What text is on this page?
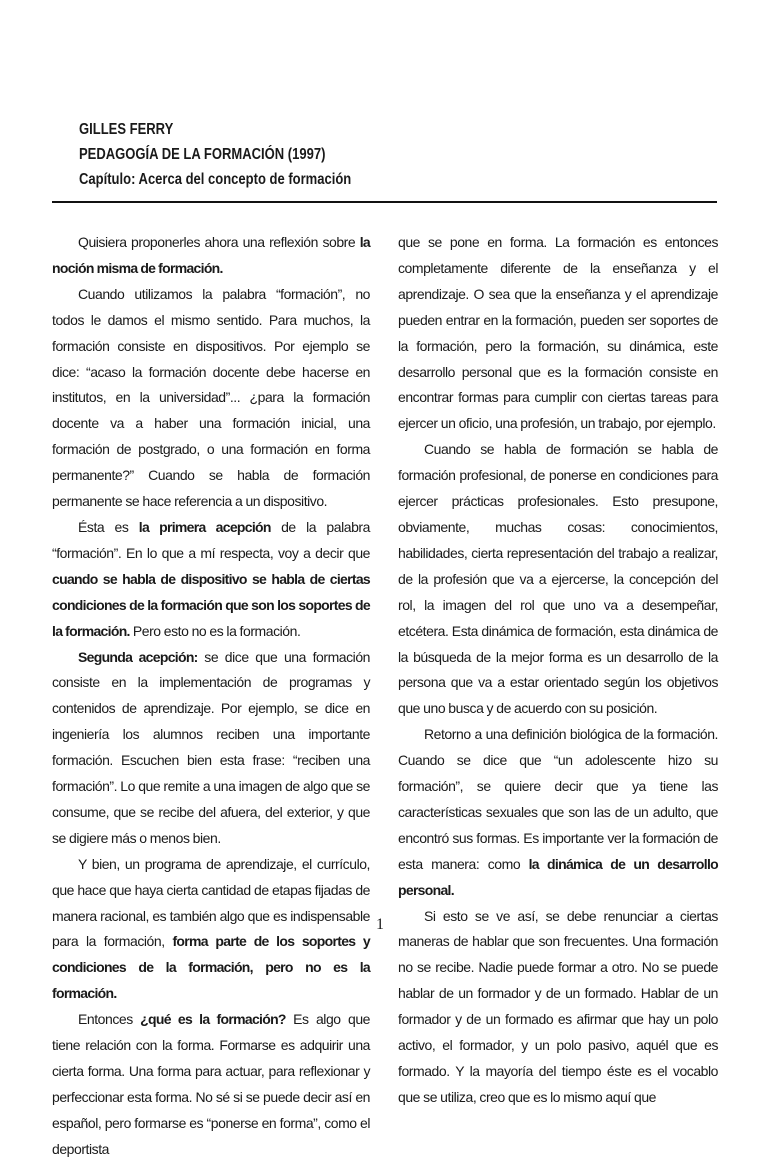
GILLES FERRY
PEDAGOGÍA DE LA FORMACIÓN (1997)
Capítulo: Acerca del concepto de formación

Quisiera proponerles ahora una reflexión sobre la noción misma de formación.

Cuando utilizamos la palabra “formación”, no todos le damos el mismo sentido. Para muchos, la formación consiste en dispositivos. Por ejemplo se dice: “acaso la formación docente debe hacerse en institutos, en la universidad”... ¿para la formación docente va a haber una formación inicial, una formación de postgrado, o una formación en forma permanente?” Cuando se habla de formación permanente se hace referencia a un dispositivo.

Ésta es la primera acepción de la palabra “formación”. En lo que a mí respecta, voy a decir que cuando se habla de dispositivo se habla de ciertas condiciones de la formación que son los soportes de la formación. Pero esto no es la formación.

Segunda acepción: se dice que una formación consiste en la implementación de programas y contenidos de aprendizaje. Por ejemplo, se dice en ingeniería los alumnos reciben una importante formación. Escuchen bien esta frase: “reciben una formación”. Lo que remite a una imagen de algo que se consume, que se recibe del afuera, del exterior, y que se digiere más o menos bien.

Y bien, un programa de aprendizaje, el currículo, que hace que haya cierta cantidad de etapas fijadas de manera racional, es también algo que es indispensable para la formación, forma parte de los soportes y condiciones de la formación, pero no es la formación.

Entonces ¿qué es la formación? Es algo que tiene relación con la forma. Formarse es adquirir una cierta forma. Una forma para actuar, para reflexionar y perfeccionar esta forma. No sé si se puede decir así en español, pero formarse es “ponerse en forma”, como el deportista

que se pone en forma. La formación es entonces completamente diferente de la enseñanza y el aprendizaje. O sea que la enseñanza y el aprendizaje pueden entrar en la formación, pueden ser soportes de la formación, pero la formación, su dinámica, este desarrollo personal que es la formación consiste en encontrar formas para cumplir con ciertas tareas para ejercer un oficio, una profesión, un trabajo, por ejemplo.

Cuando se habla de formación se habla de formación profesional, de ponerse en condiciones para ejercer prácticas profesionales. Esto presupone, obviamente, muchas cosas: conocimientos, habilidades, cierta representación del trabajo a realizar, de la profesión que va a ejercerse, la concepción del rol, la imagen del rol que uno va a desempeñar, etcétera. Esta dinámica de formación, esta dinámica de la búsqueda de la mejor forma es un desarrollo de la persona que va a estar orientado según los objetivos que uno busca y de acuerdo con su posición.

Retorno a una definición biológica de la formación. Cuando se dice que “un adolescente hizo su formación”, se quiere decir que ya tiene las características sexuales que son las de un adulto, que encontró sus formas. Es importante ver la formación de esta manera: como la dinámica de un desarrollo personal.

Si esto se ve así, se debe renunciar a ciertas maneras de hablar que son frecuentes. Una formación no se recibe. Nadie puede formar a otro. No se puede hablar de un formador y de un formado. Hablar de un formador y de un formado es afirmar que hay un polo activo, el formador, y un polo pasivo, aquél que es formado. Y la mayoría del tiempo éste es el vocablo que se utiliza, creo que es lo mismo aquí que

1
